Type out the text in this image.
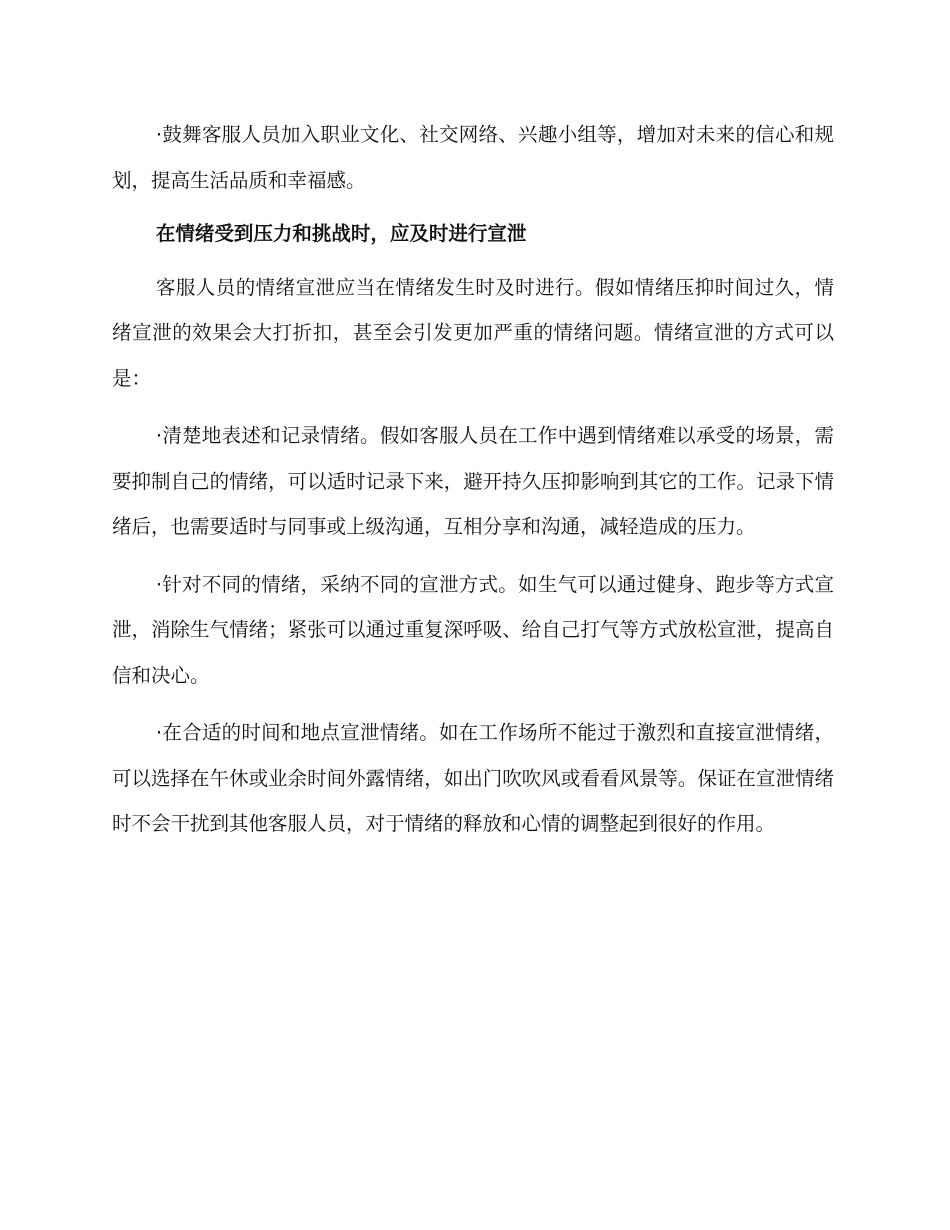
·鼓舞客服人员加入职业文化、社交网络、兴趣小组等，增加对未来的信心和规划，提高生活品质和幸福感。

在情绪受到压力和挑战时，应及时进行宣泄

客服人员的情绪宣泄应当在情绪发生时及时进行。假如情绪压抑时间过久，情绪宣泄的效果会大打折扣，甚至会引发更加严重的情绪问题。情绪宣泄的方式可以是：

·清楚地表述和记录情绪。假如客服人员在工作中遇到情绪难以承受的场景，需要抑制自己的情绪，可以适时记录下来，避开持久压抑影响到其它的工作。记录下情绪后，也需要适时与同事或上级沟通，互相分享和沟通，减轻造成的压力。

·针对不同的情绪，采纳不同的宣泄方式。如生气可以通过健身、跑步等方式宣泄，消除生气情绪；紧张可以通过重复深呼吸、给自己打气等方式放松宣泄，提高自信和决心。

·在合适的时间和地点宣泄情绪。如在工作场所不能过于激烈和直接宣泄情绪，可以选择在午休或业余时间外露情绪，如出门吹吹风或看看风景等。保证在宣泄情绪时不会干扰到其他客服人员，对于情绪的释放和心情的调整起到很好的作用。
